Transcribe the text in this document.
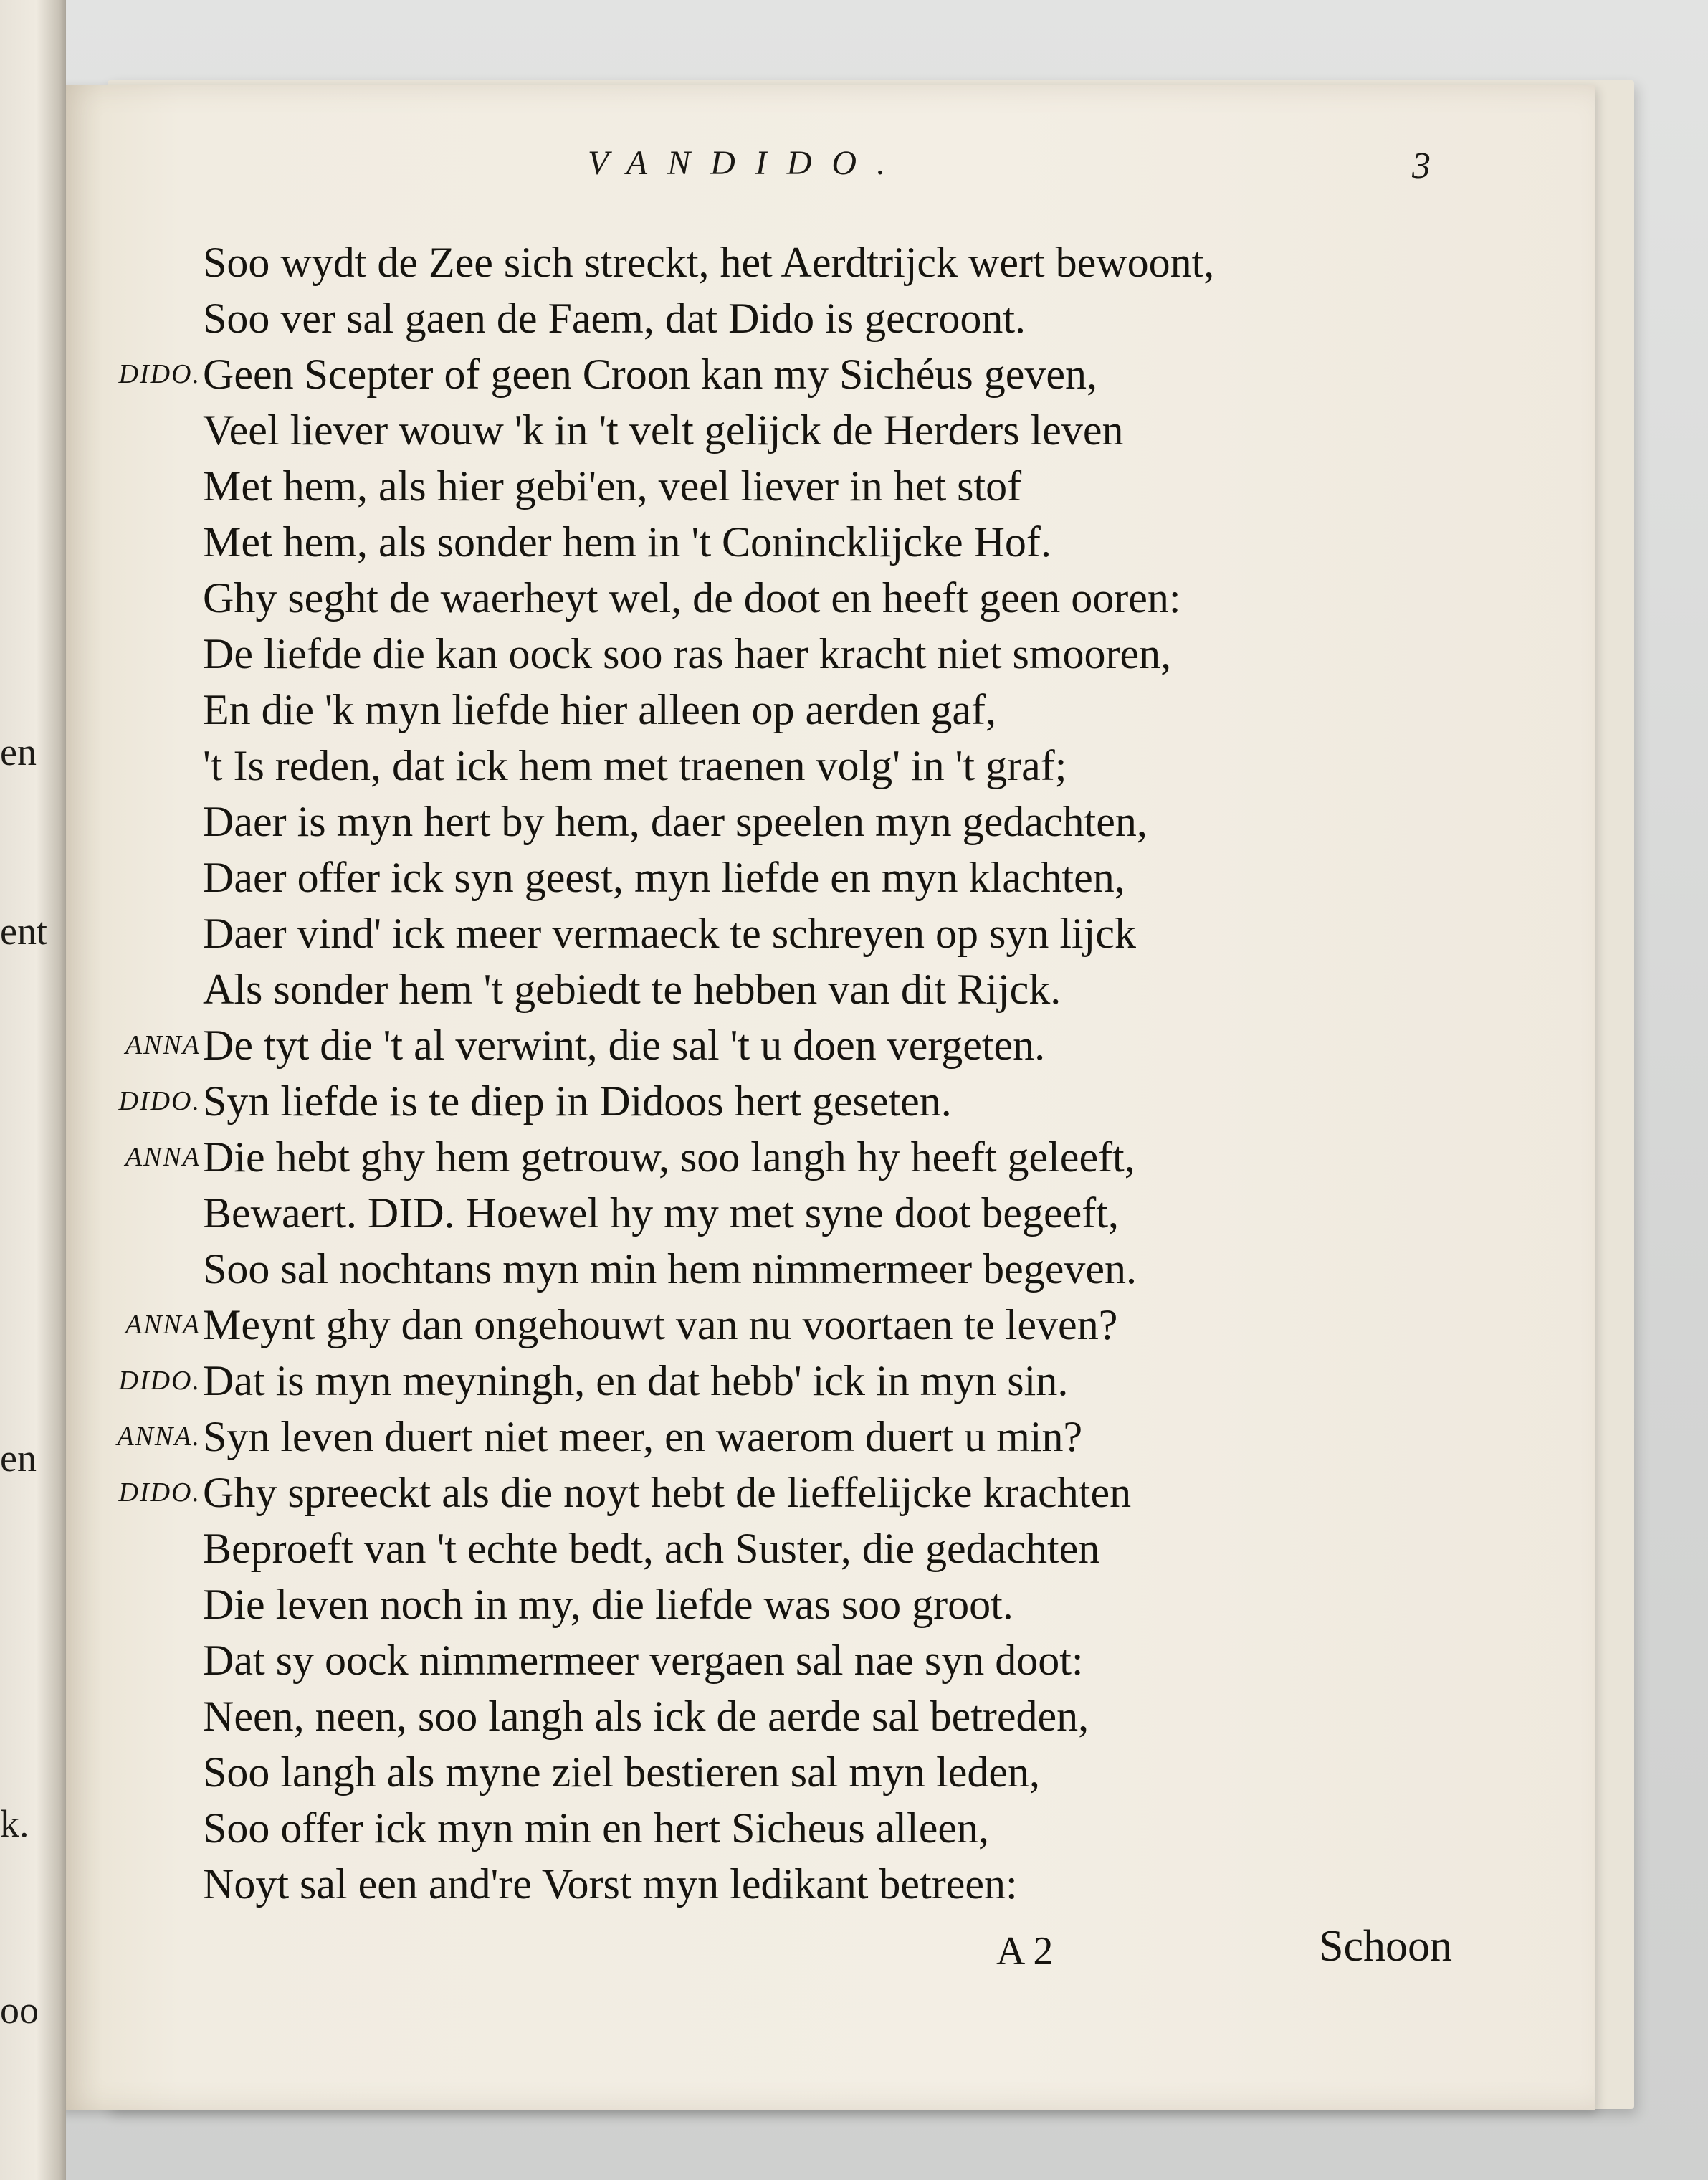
VANDIDO.	3
Soo wydt de Zee sich streckt, het Aerdtrijck wert bewoont,
Soo ver sal gaen de Faem, dat Dido is gecroont.
DIDO. Geen Scepter of geen Croon kan my Sichéus geven,
Veel liever wouw 'k in 't velt gelijck de Herders leven
Met hem, als hier gebi'en, veel liever in het stof
Met hem, als sonder hem in 't Conincklijcke Hof.
Ghy seght de waerheyt wel, de doot en heeft geen ooren:
De liefde die kan oock soo ras haer kracht niet smooren,
En die 'k myn liefde hier alleen op aerden gaf,
't Is reden, dat ick hem met traenen volg' in 't graf;
Daer is myn hert by hem, daer speelen myn gedachten,
Daer offer ick syn geest, myn liefde en myn klachten,
Daer vind' ick meer vermaeck te schreyen op syn lijck
Als sonder hem 't gebiedt te hebben van dit Rijck.
ANNA De tyt die 't al verwint, die sal 't u doen vergeten.
DIDO. Syn liefde is te diep in Didoos hert geseten.
ANNA Die hebt ghy hem getrouw, soo langh hy heeft geleeft,
Bewaert. DID. Hoewel hy my met syne doot begeeft,
Soo sal nochtans myn min hem nimmermeer begeven.
ANNA Meynt ghy dan ongehouwt van nu voortaen te leven?
DIDO. Dat is myn meyningh, en dat hebb' ick in myn sin.
ANNA. Syn leven duert niet meer, en waerom duert u min?
DIDO. Ghy spreeckt als die noyt hebt de lieffelijcke krachten
Beproeft van 't echte bedt, ach Suster, die gedachten
Die leven noch in my, die liefde was soo groot.
Dat sy oock nimmermeer vergaen sal nae syn doot:
Neen, neen, soo langh als ick de aerde sal betreden,
Soo langh als myne ziel bestieren sal myn leden,
Soo offer ick myn min en hert Sicheus alleen,
Noyt sal een and're Vorst myn ledikant betreen:
en
ent
en
k.
oo
A 2	Schoon
